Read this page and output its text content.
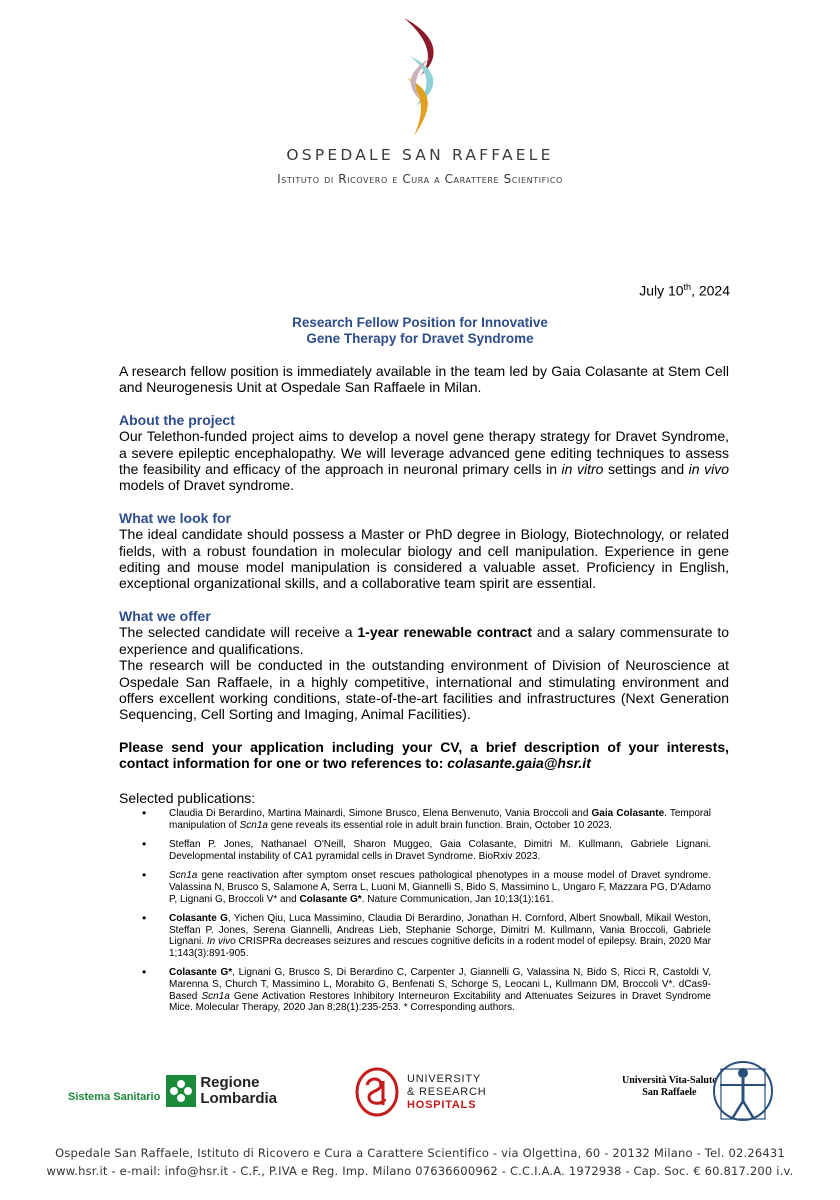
OSPEDALE SAN RAFFAELE
Istituto di Ricovero e Cura a Carattere Scientifico
July 10th, 2024
Research Fellow Position for Innovative
Gene Therapy for Dravet Syndrome

A research fellow position is immediately available in the team led by Gaia Colasante at Stem Cell and Neurogenesis Unit at Ospedale San Raffaele in Milan.

About the project

Our Telethon-funded project aims to develop a novel gene therapy strategy for Dravet Syndrome, a severe epileptic encephalopathy. We will leverage advanced gene editing techniques to assess the feasibility and efficacy of the approach in neuronal primary cells in in vitro settings and in vivo models of Dravet syndrome.

What we look for

The ideal candidate should possess a Master or PhD degree in Biology, Biotechnology, or related fields, with a robust foundation in molecular biology and cell manipulation. Experience in gene editing and mouse model manipulation is considered a valuable asset. Proficiency in English, exceptional organizational skills, and a collaborative team spirit are essential.

What we offer

The selected candidate will receive a 1-year renewable contract and a salary commensurate to experience and qualifications.

The research will be conducted in the outstanding environment of Division of Neuroscience at Ospedale San Raffaele, in a highly competitive, international and stimulating environment and offers excellent working conditions, state-of-the-art facilities and infrastructures (Next Generation Sequencing, Cell Sorting and Imaging, Animal Facilities).

Please send your application including your CV, a brief description of your interests, contact information for one or two references to: colasante.gaia@hsr.it

Selected publications:
• Claudia Di Berardino, Martina Mainardi, Simone Brusco, Elena Benvenuto, Vania Broccoli and Gaia Colasante. Temporal manipulation of Scn1a gene reveals its essential role in adult brain function. Brain, October 10 2023.
• Steffan P. Jones, Nathanael O'Neill, Sharon Muggeo, Gaia Colasante, Dimitri M. Kullmann, Gabriele Lignani. Developmental instability of CA1 pyramidal cells in Dravet Syndrome. BioRxiv 2023.
• Scn1a gene reactivation after symptom onset rescues pathological phenotypes in a mouse model of Dravet syndrome. Valassina N, Brusco S, Salamone A, Serra L, Luoni M, Giannelli S, Bido S, Massimino L, Ungaro F, Mazzara PG, D'Adamo P, Lignani G, Broccoli V* and Colasante G*. Nature Communication, Jan 10;13(1):161.
• Colasante G, Yichen Qiu, Luca Massimino, Claudia Di Berardino, Jonathan H. Cornford, Albert Snowball, Mikail Weston, Steffan P. Jones, Serena Giannelli, Andreas Lieb, Stephanie Schorge, Dimitri M. Kullmann, Vania Broccoli, Gabriele Lignani. In vivo CRISPRa decreases seizures and rescues cognitive deficits in a rodent model of epilepsy. Brain, 2020 Mar 1;143(3):891-905.
• Colasante G*, Lignani G, Brusco S, Di Berardino C, Carpenter J, Giannelli G, Valassina N, Bido S, Ricci R, Castoldi V, Marenna S, Church T, Massimino L, Morabito G, Benfenati S, Schorge S, Leocani L, Kullmann DM, Broccoli V*. dCas9-Based Scn1a Gene Activation Restores Inhibitory Interneuron Excitability and Attenuates Seizures in Dravet Syndrome Mice. Molecular Therapy, 2020 Jan 8;28(1):235-253. * Corresponding authors.
Sistema Sanitario
Regione
Lombardia
UNIVERSITY
& RESEARCH
HOSPITALS
Università Vita-Salute
San Raffaele
Ospedale San Raffaele, Istituto di Ricovero e Cura a Carattere Scientifico - via Olgettina, 60 - 20132 Milano - Tel. 02.26431
www.hsr.it - e-mail: info@hsr.it - C.F., P.IVA e Reg. Imp. Milano 07636600962 - C.C.I.A.A. 1972938 - Cap. Soc. € 60.817.200 i.v.
